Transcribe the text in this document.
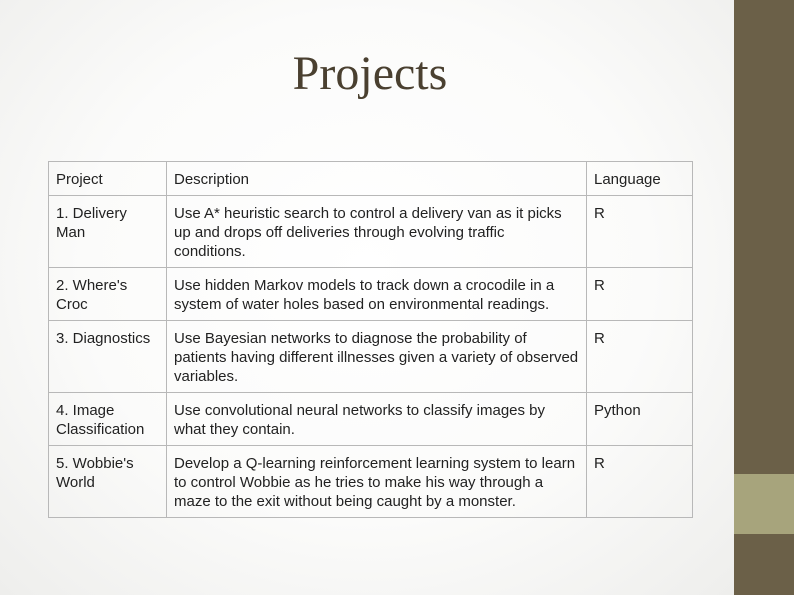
Projects
Project	Description	Language
1. Delivery Man	Use A* heuristic search to control a delivery van as it picks up and drops off deliveries through evolving traffic conditions.	R
2. Where's Croc	Use hidden Markov models to track down a crocodile in a system of water holes based on environmental readings.	R
3. Diagnostics	Use Bayesian networks to diagnose the probability of patients having different illnesses given a variety of observed variables.	R
4. Image Classification	Use convolutional neural networks to classify images by what they contain.	Python
5. Wobbie's World	Develop a Q-learning reinforcement learning system to learn to control Wobbie as he tries to make his way through a maze to the exit without being caught by a monster.	R
